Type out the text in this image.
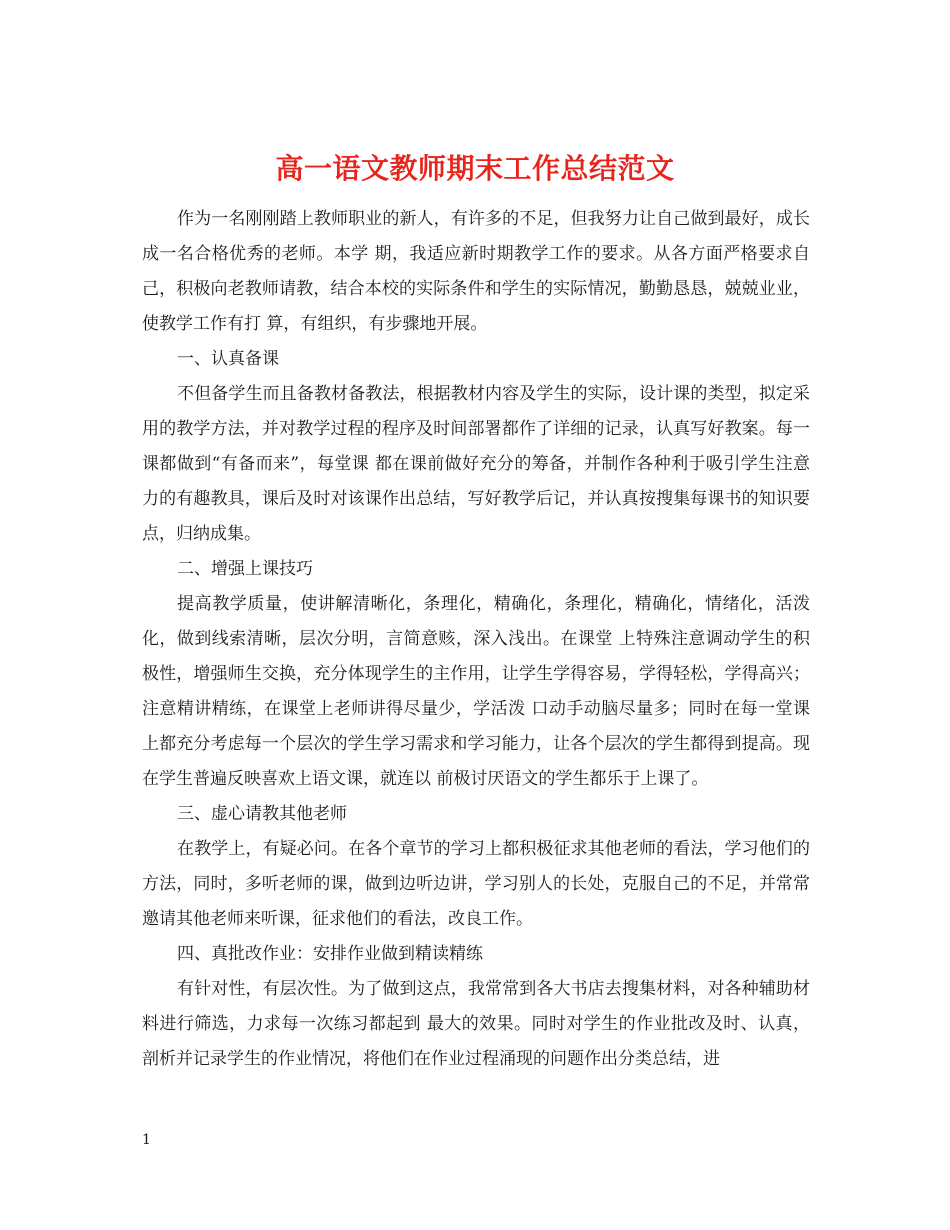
高一语文教师期末工作总结范文

作为一名刚刚踏上教师职业的新人，有许多的不足，但我努力让自己做到最好，成长成一名合格优秀的老师。本学 期，我适应新时期教学工作的要求。从各方面严格要求自己，积极向老教师请教，结合本校的实际条件和学生的实际情况，勤勤恳恳，兢兢业业，使教学工作有打 算，有组织，有步骤地开展。

一、认真备课

不但备学生而且备教材备教法，根据教材内容及学生的实际，设计课的类型，拟定采用的教学方法，并对教学过程的程序及时间部署都作了详细的记录，认真写好教案。每一课都做到“有备而来”，每堂课 都在课前做好充分的筹备，并制作各种利于吸引学生注意力的有趣教具，课后及时对该课作出总结，写好教学后记，并认真按搜集每课书的知识要点，归纳成集。

二、增强上课技巧

提高教学质量，使讲解清晰化，条理化，精确化，条理化，精确化，情绪化，活泼化，做到线索清晰，层次分明，言简意赅，深入浅出。在课堂 上特殊注意调动学生的积极性，增强师生交换，充分体现学生的主作用，让学生学得容易，学得轻松，学得高兴；注意精讲精练，在课堂上老师讲得尽量少，学活泼 口动手动脑尽量多；同时在每一堂课上都充分考虑每一个层次的学生学习需求和学习能力，让各个层次的学生都得到提高。现在学生普遍反映喜欢上语文课，就连以 前极讨厌语文的学生都乐于上课了。

三、虚心请教其他老师

在教学上，有疑必问。在各个章节的学习上都积极征求其他老师的看法，学习他们的方法，同时，多听老师的课，做到边听边讲，学习别人的长处，克服自己的不足，并常常邀请其他老师来听课，征求他们的看法，改良工作。

四、真批改作业：安排作业做到精读精练

有针对性，有层次性。为了做到这点，我常常到各大书店去搜集材料，对各种辅助材料进行筛选，力求每一次练习都起到 最大的效果。同时对学生的作业批改及时、认真，剖析并记录学生的作业情况，将他们在作业过程涌现的问题作出分类总结，进

1
